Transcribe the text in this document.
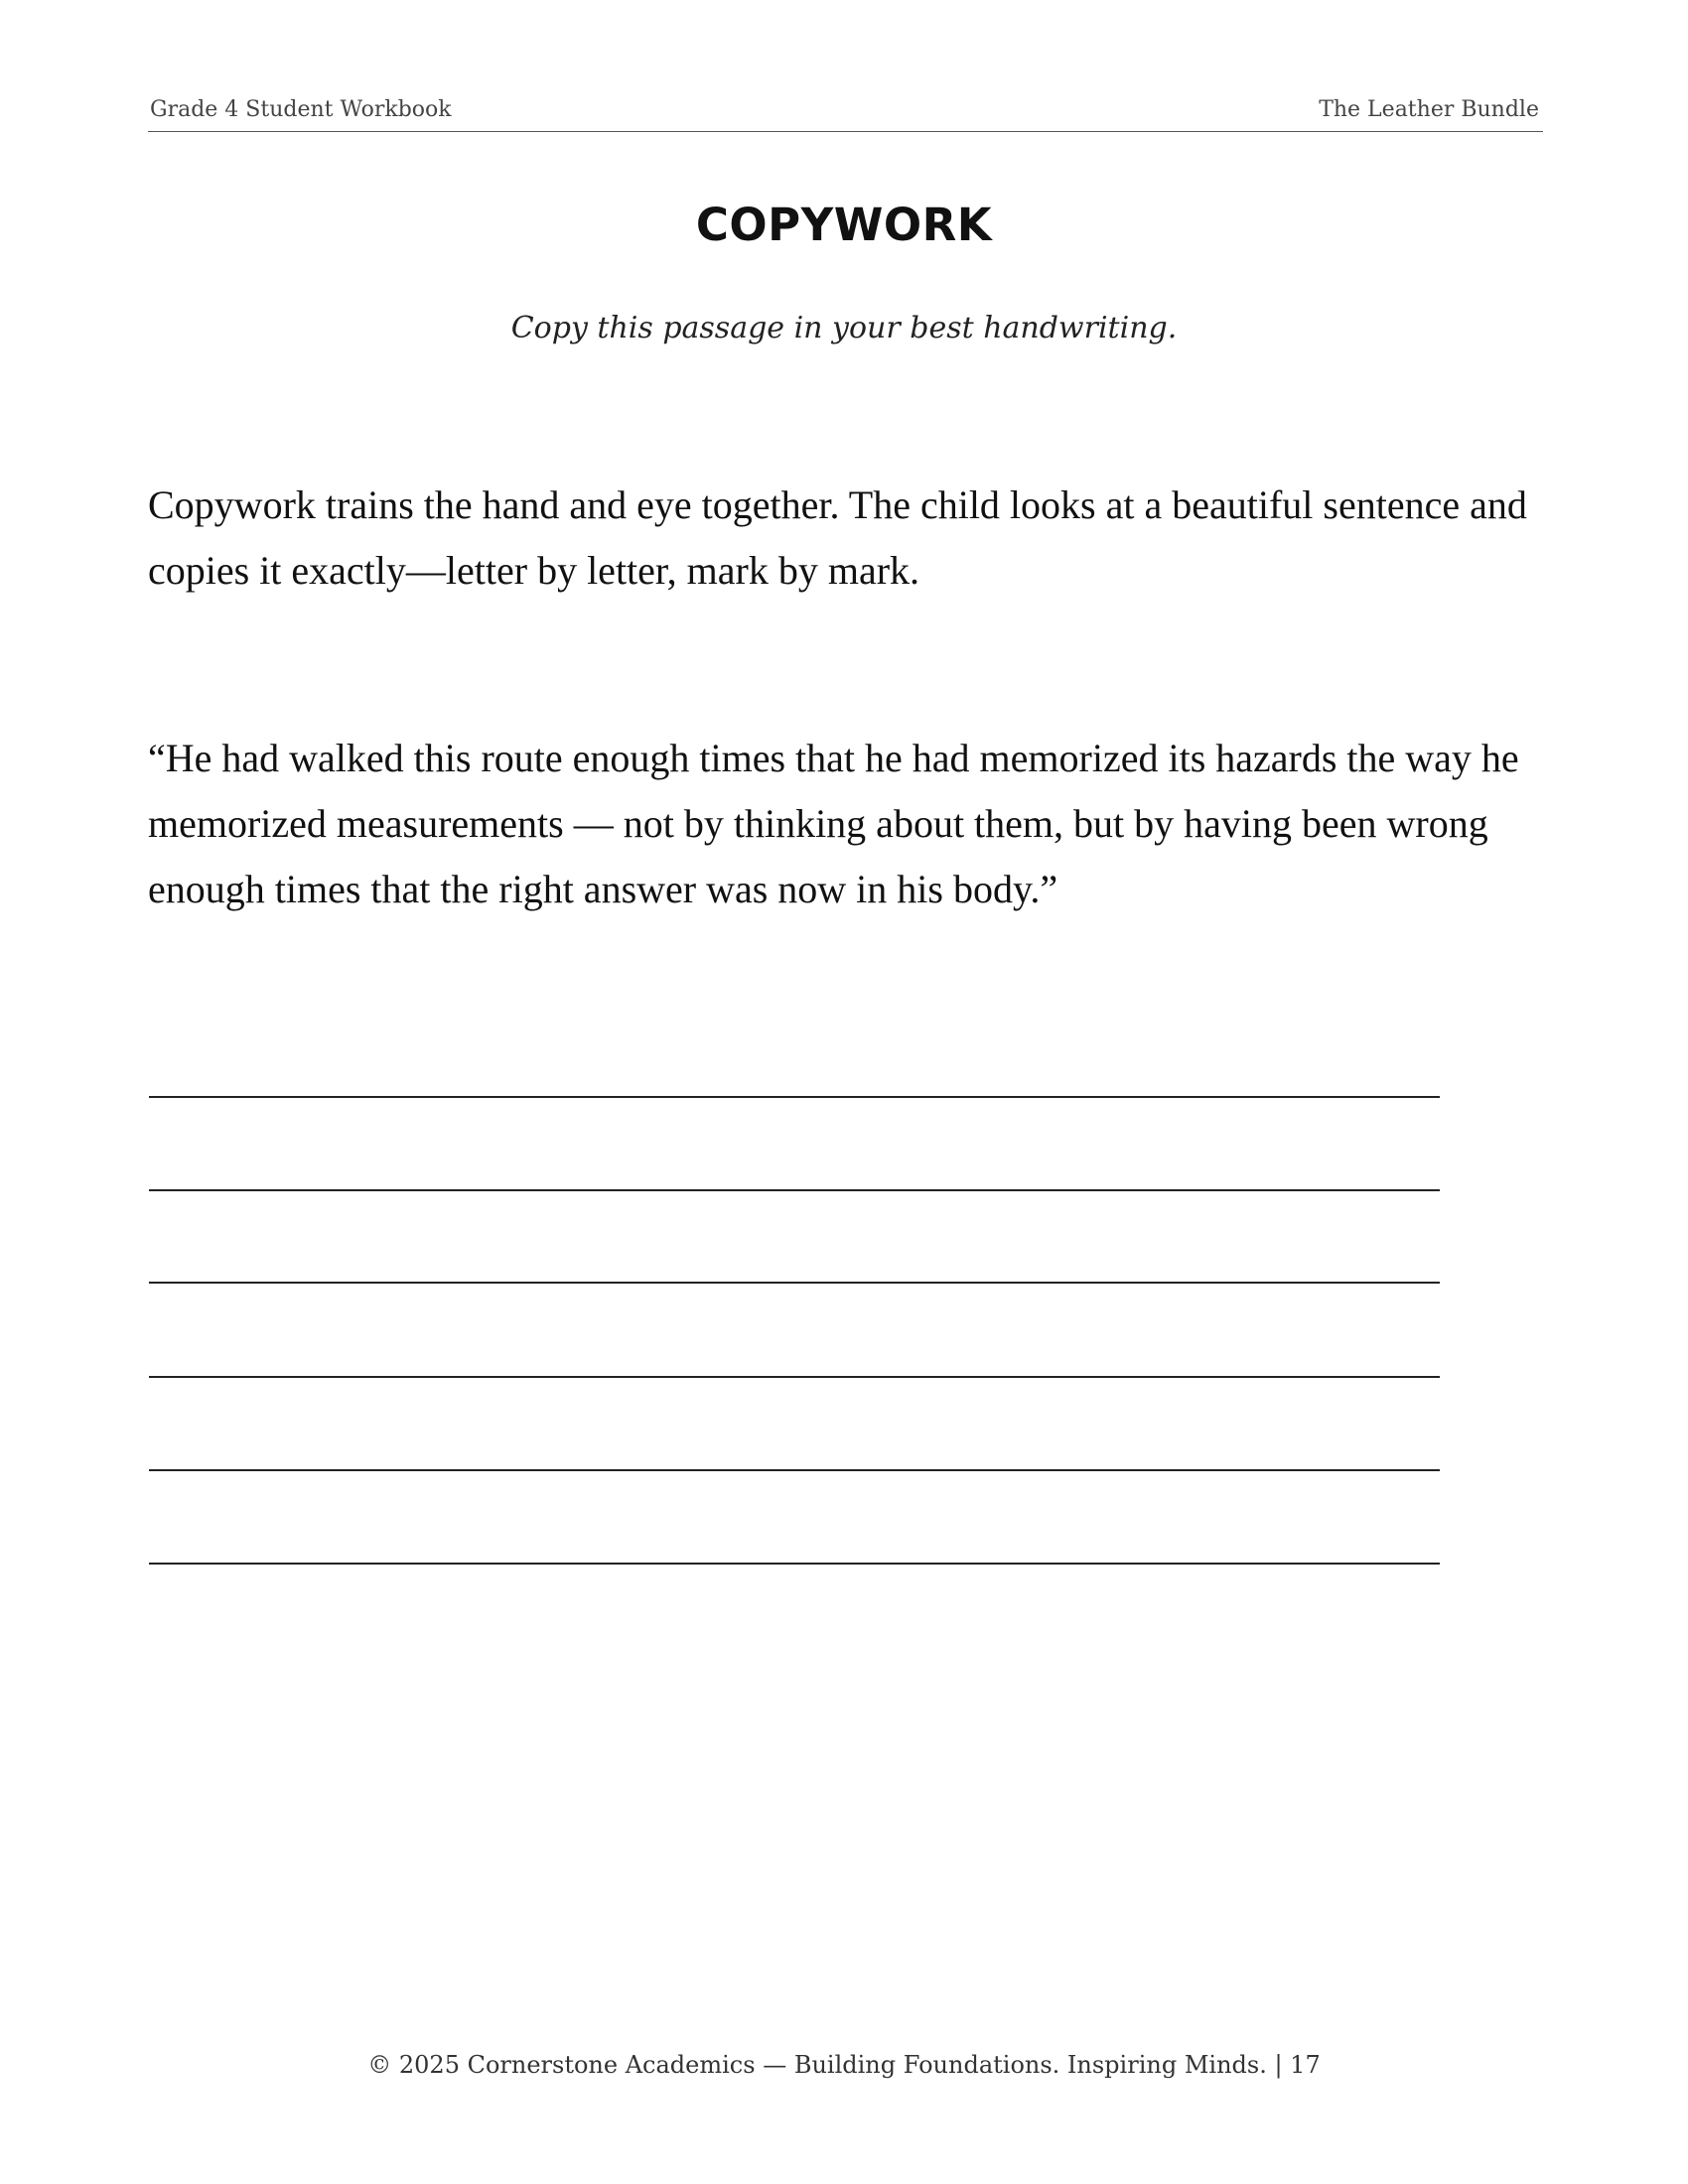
Grade 4 Student Workbook	The Leather Bundle
COPYWORK
Copy this passage in your best handwriting.
Copywork trains the hand and eye together. The child looks at a beautiful sentence and copies it exactly—letter by letter, mark by mark.
“He had walked this route enough times that he had memorized its hazards the way he memorized measurements — not by thinking about them, but by having been wrong enough times that the right answer was now in his body.”
© 2025 Cornerstone Academics — Building Foundations. Inspiring Minds. | 17
